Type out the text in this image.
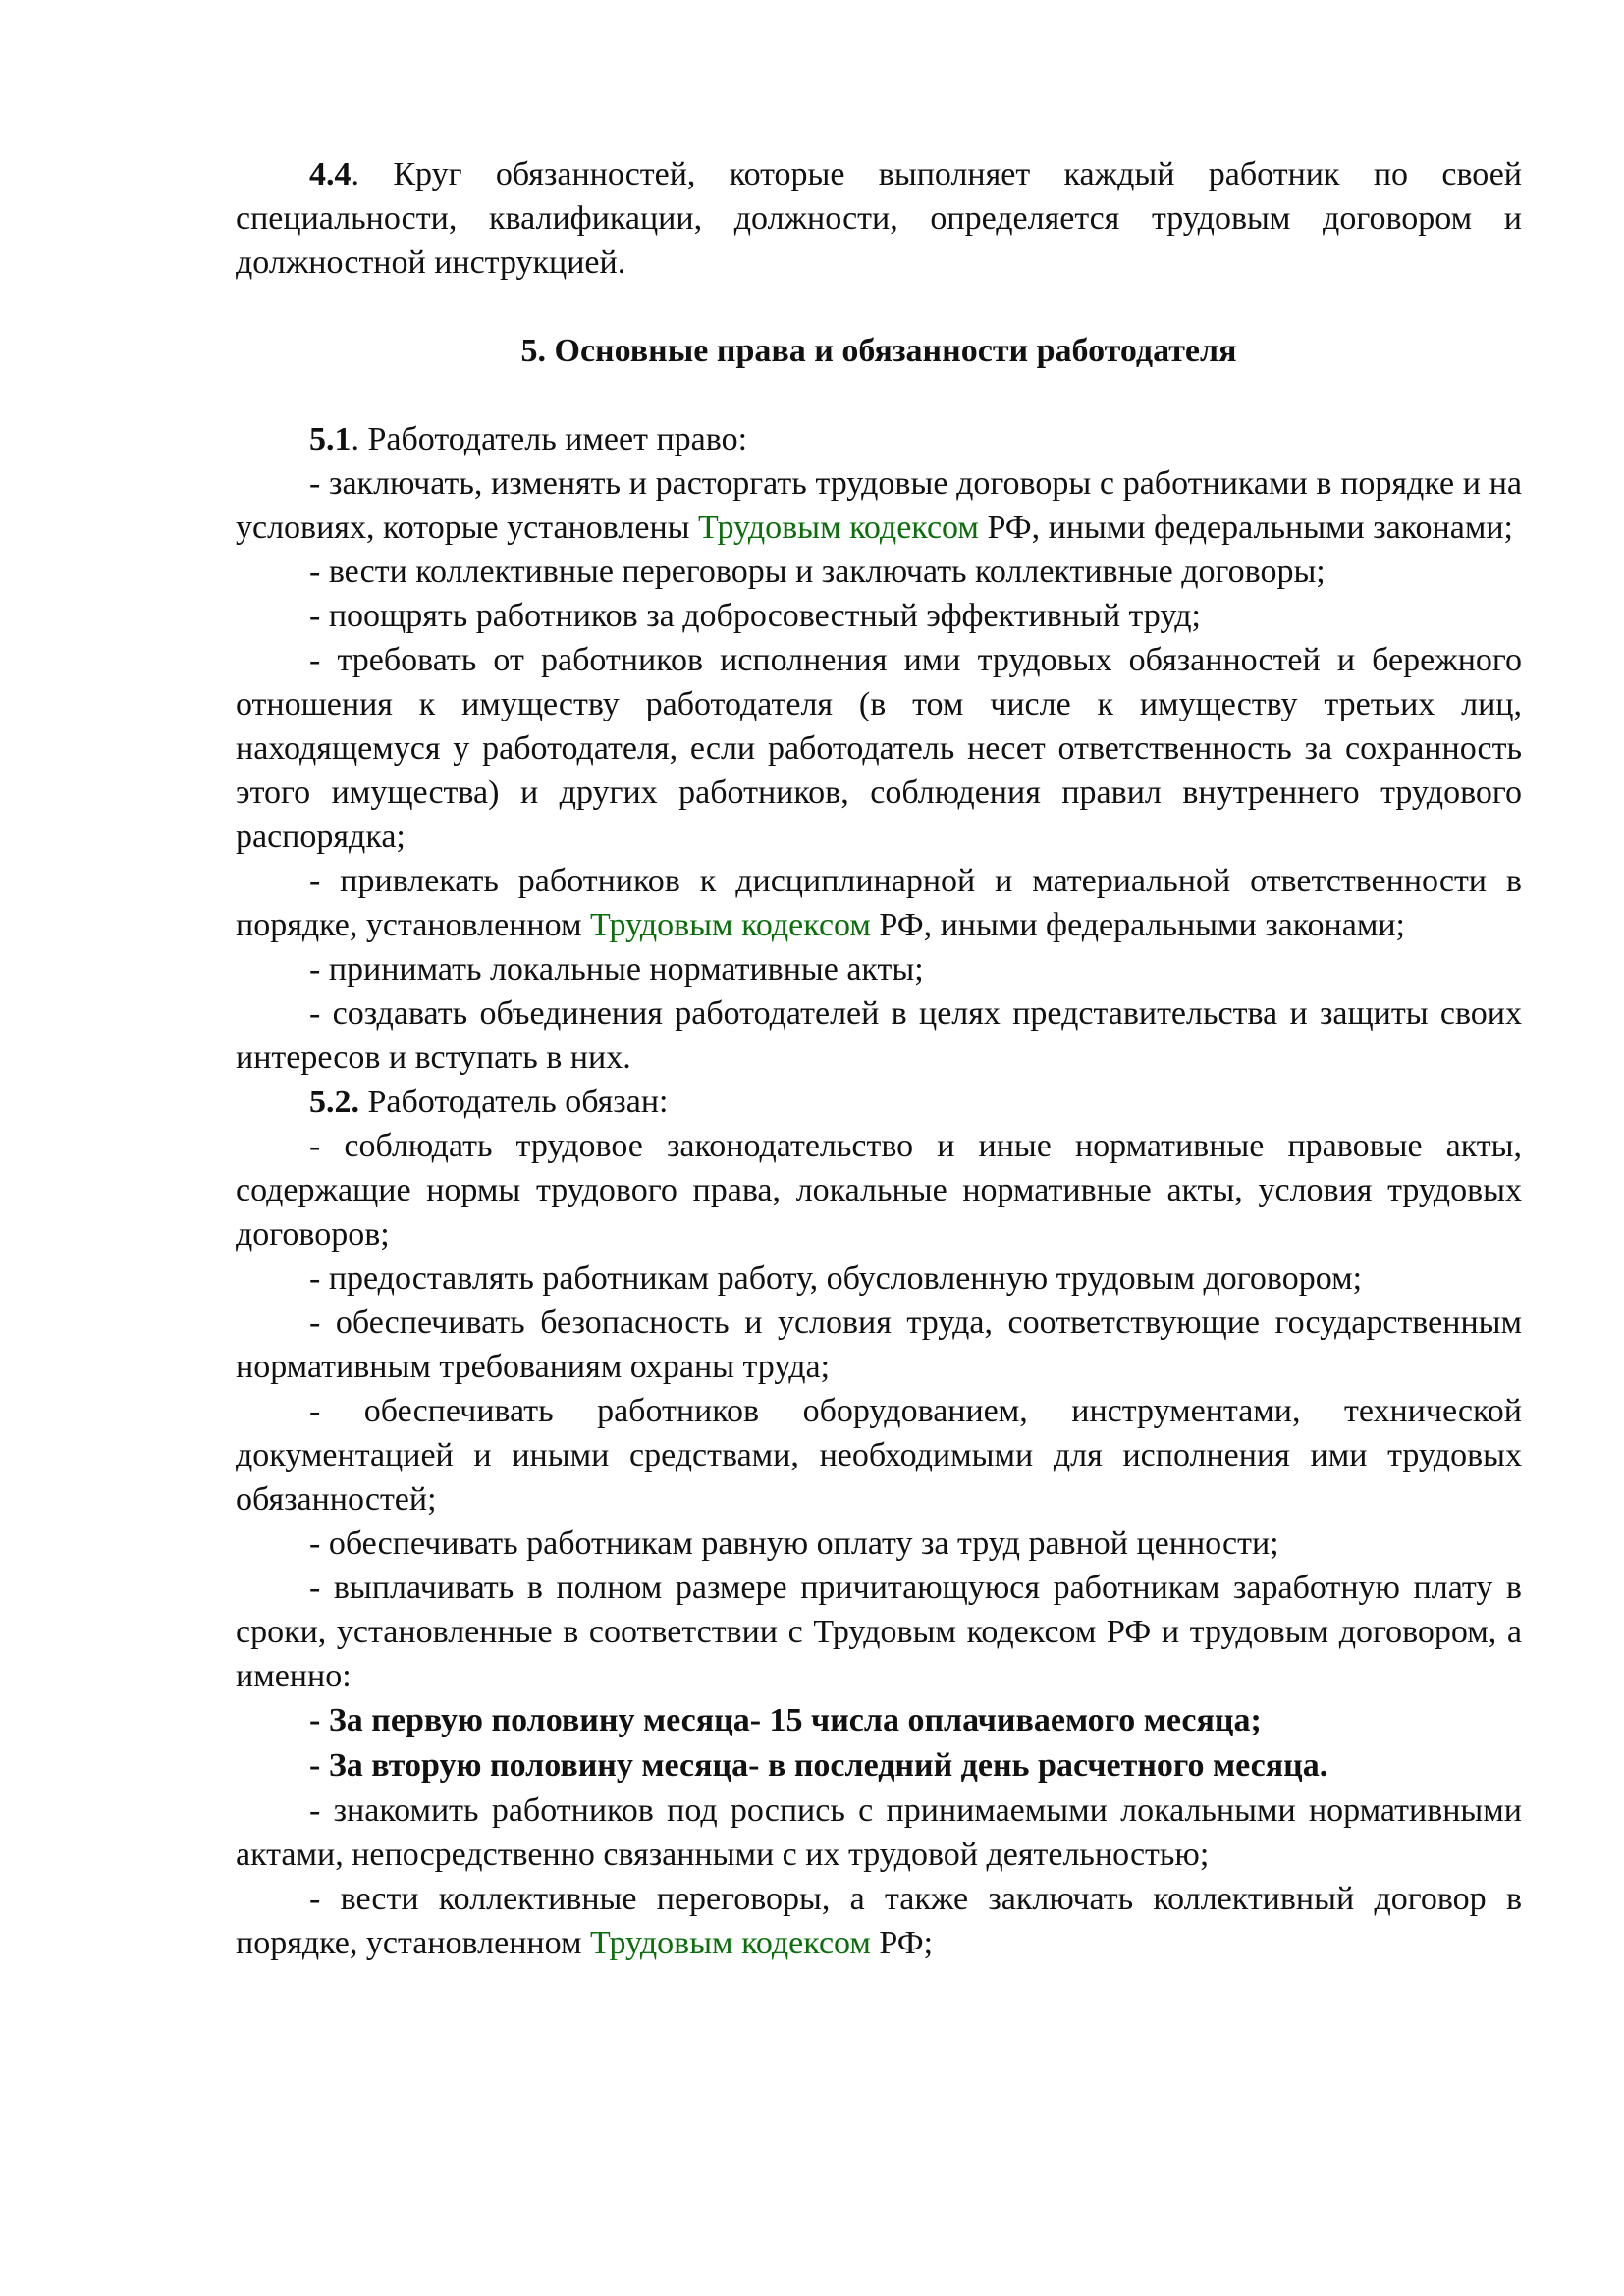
4.4. Круг обязанностей, которые выполняет каждый работник по своей специальности, квалификации, должности, определяется трудовым договором и должностной инструкцией.

5. Основные права и обязанности работодателя

5.1. Работодатель имеет право:

- заключать, изменять и расторгать трудовые договоры с работниками в порядке и на условиях, которые установлены Трудовым кодексом РФ, иными федеральными законами;

- вести коллективные переговоры и заключать коллективные договоры;

- поощрять работников за добросовестный эффективный труд;

- требовать от работников исполнения ими трудовых обязанностей и бережного отношения к имуществу работодателя (в том числе к имуществу третьих лиц, находящемуся у работодателя, если работодатель несет ответственность за сохранность этого имущества) и других работников, соблюдения правил внутреннего трудового распорядка;

- привлекать работников к дисциплинарной и материальной ответственности в порядке, установленном Трудовым кодексом РФ, иными федеральными законами;

- принимать локальные нормативные акты;

- создавать объединения работодателей в целях представительства и защиты своих интересов и вступать в них.

5.2. Работодатель обязан:

- соблюдать трудовое законодательство и иные нормативные правовые акты, содержащие нормы трудового права, локальные нормативные акты, условия трудовых договоров;

- предоставлять работникам работу, обусловленную трудовым договором;

- обеспечивать безопасность и условия труда, соответствующие государственным нормативным требованиям охраны труда;

- обеспечивать работников оборудованием, инструментами, технической документацией и иными средствами, необходимыми для исполнения ими трудовых обязанностей;

- обеспечивать работникам равную оплату за труд равной ценности;

- выплачивать в полном размере причитающуюся работникам заработную плату в сроки, установленные в соответствии с Трудовым кодексом РФ и трудовым договором, а именно:

- За первую половину месяца- 15 числа оплачиваемого месяца;

- За вторую половину месяца- в последний день расчетного месяца.

- знакомить работников под роспись с принимаемыми локальными нормативными актами, непосредственно связанными с их трудовой деятельностью;

- вести коллективные переговоры, а также заключать коллективный договор в порядке, установленном Трудовым кодексом РФ;
